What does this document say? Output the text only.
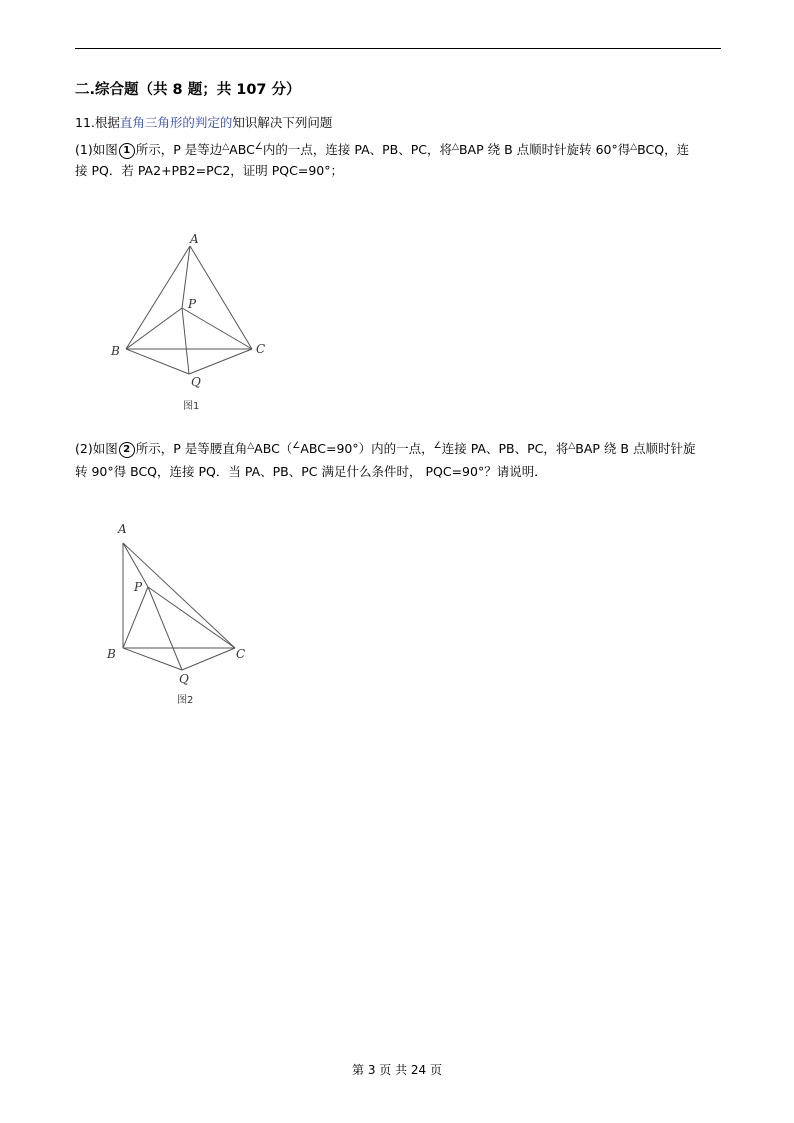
二.综合题（共 8 题；共 107 分）
11.根据直角三角形的判定的知识解决下列问题
(1)如图 1 所示，P 是等边△ABC∠内的一点，连接 PA、PB、PC，将△BAP 绕 B 点顺时针旋转 60°得△BCQ，连
接 PQ．若 PA2+PB2=PC2，证明 PQC=90°；
A
P
B	C
Q
图1
(2)如图 2 所示，P 是等腰直角△ABC（∠ABC=90°）内的一点，∠连接 PA、PB、PC，将△BAP 绕 B 点顺时针旋
转 90°得 BCQ，连接 PQ．当 PA、PB、PC 满足什么条件时， PQC=90°？请说明．
A
P
B	C
Q
图2
第 3 页 共 24 页
